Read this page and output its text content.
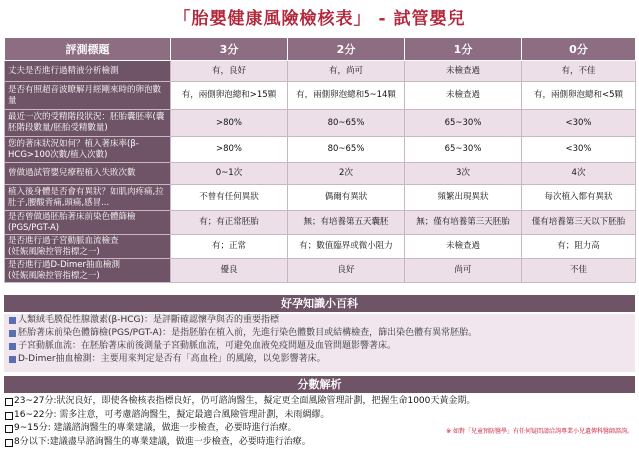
「胎嬰健康風險檢核表」 - 試管嬰兒
評測標題	3分	2分	1分	0分
丈夫是否進行過精液分析檢測	有，良好	有，尚可	未檢查過	有，不佳
是否有照超音波瞭解月經剛來時的卵泡數量	有，兩側卵泡總和>15顆	有，兩側卵泡總和5~14顆	未檢查過	有，兩側卵泡總和<5顆
最近一次的受精階段狀況：胚胎囊胚率(囊胚階段數量/胚胎受精數量)	>80%	80~65%	65~30%	<30%
您的著床狀況如何？植入著床率(β-HCG>100次數/植入次數)	>80%	80~65%	65~30%	<30%
曾做過試管嬰兒療程植入失敗次數	0~1次	2次	3次	4次
植入後身體是否會有異狀？如肌肉疼痛,拉肚子,腰酸背痛,頭痛,感冒...	不曾有任何異狀	偶爾有異狀	頻繁出現異狀	每次植入都有異狀
是否曾做過胚胎著床前染色體篩檢(PGS/PGT-A)	有；有正常胚胎	無；有培養第五天囊胚	無；僅有培養第三天胚胎	僅有培養第三天以下胚胎

是否進行過子宮動脈血流檢查
(妊娠風險控管指標之一)	有；正常	有；數值臨界或微小阻力	未檢查過	有；阻力高

是否進行過D-Dimer抽血檢測
(妊娠風險控管指標之一)	優良	良好	尚可	不佳
好孕知識小百科
人類絨毛膜促性腺激素(β-HCG)：是評斷確認懷孕與否的重要指標
胚胎著床前染色體篩檢(PGS/PGT-A)：是指胚胎在植入前，先進行染色體數目或結構檢查，篩出染色體有異常胚胎。
子宮動脈血流：在胚胎著床前後測量子宮動脈血流，可避免血液免疫問題及血管問題影響著床。
D-Dimer抽血檢測：主要用來判定是否有「高血栓」的風險，以免影響著床。
分數解析
23~27分:狀況良好，即使各檢核表指標良好，仍可諮詢醫生，擬定更全面風險管理計劃，把握生命1000天黃金期。
16~22分: 需多注意，可考慮諮詢醫生，擬定最適合風險管理計劃，未雨綢繆。
9~15分: 建議諮詢醫生的專業建議，做進一步檢查，必要時進行治療。
8分以下:建議盡早諮詢醫生的專業建議，做進一步檢查，必要時進行治療。
※ 如對「兒童預防醫學」有任何疑問請洽詢專業小兒遺傳科醫師諮詢。
